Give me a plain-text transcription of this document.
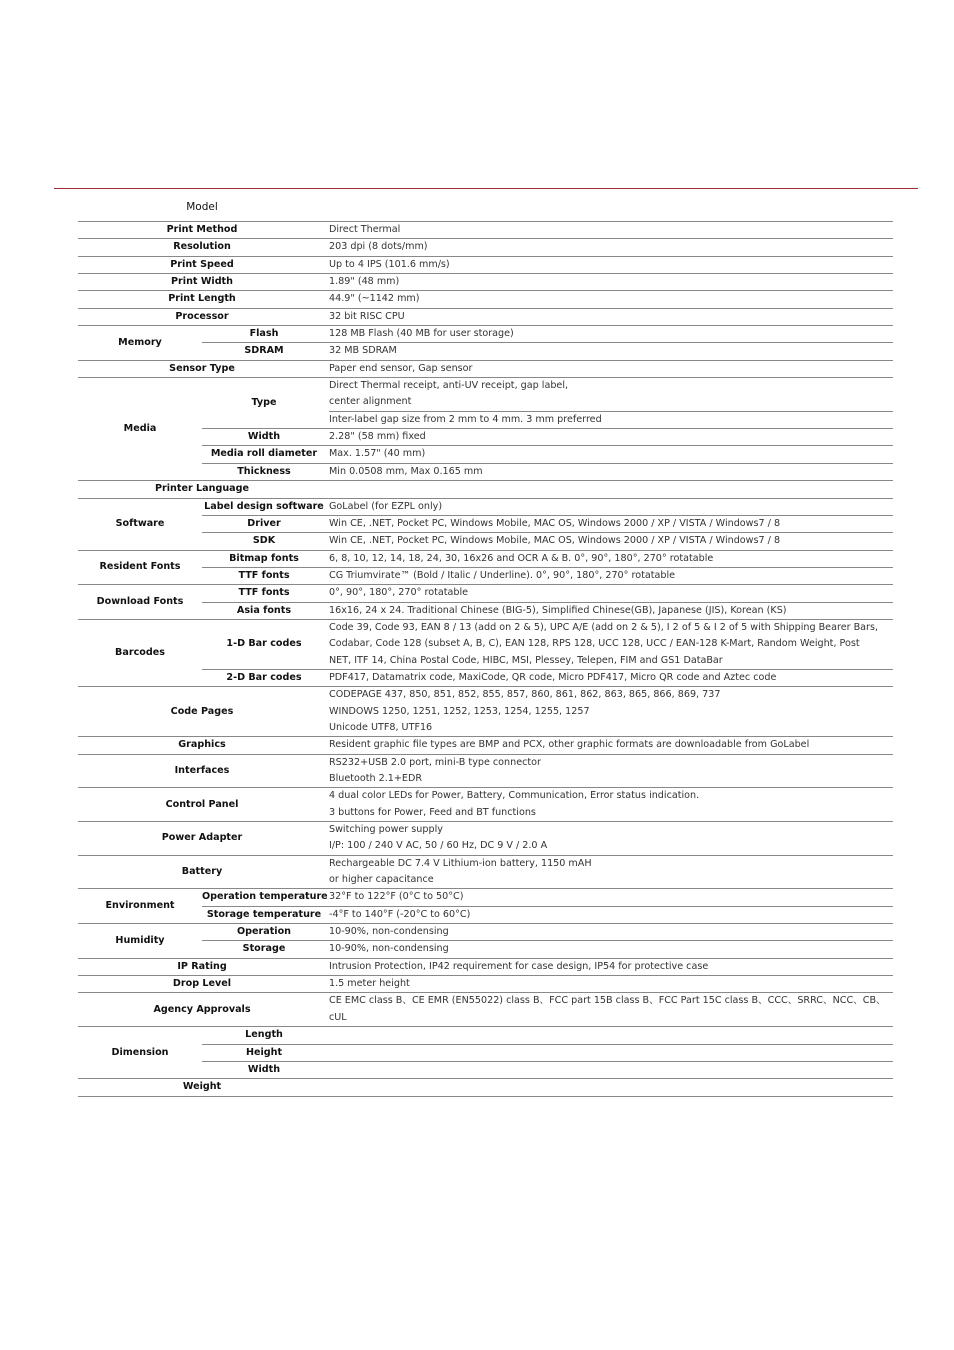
Model		

Print Method		Direct Thermal

Resolution		203 dpi (8 dots/mm)

Print Speed		Up to 4 IPS (101.6 mm/s)

Print Width		1.89" (48 mm)

Print Length		44.9" (~1142 mm)

Processor		32 bit RISC CPU

Memory	Flash	128 MB Flash (40 MB for user storage)

	SDRAM	32 MB SDRAM

Sensor Type		Paper end sensor, Gap sensor

Media	Type	Direct Thermal receipt, anti-UV receipt, gap label,
center alignment
Inter-label gap size from 2 mm to 4 mm. 3 mm preferred

	Width	2.28" (58 mm) fixed

	Media roll diameter	Max. 1.57" (40 mm)

	Thickness	Min 0.0508 mm, Max 0.165 mm

Printer Language		

Software	Label design software	GoLabel (for EZPL only)

	Driver	Win CE, .NET, Pocket PC, Windows Mobile, MAC OS, Windows 2000 / XP / VISTA / Windows7 / 8

	SDK	Win CE, .NET, Pocket PC, Windows Mobile, MAC OS, Windows 2000 / XP / VISTA / Windows7 / 8

Resident Fonts	Bitmap fonts	6, 8, 10, 12, 14, 18, 24, 30, 16x26 and OCR A & B. 0°, 90°, 180°, 270° rotatable

	TTF fonts	CG Triumvirate™ (Bold / Italic / Underline). 0°, 90°, 180°, 270° rotatable

Download Fonts	TTF fonts	0°, 90°, 180°, 270° rotatable

	Asia fonts	16x16, 24 x 24. Traditional Chinese (BIG-5), Simplified Chinese(GB), Japanese (JIS), Korean (KS)

Barcodes	1-D Bar codes	Code 39, Code 93, EAN 8 / 13 (add on 2 & 5), UPC A/E (add on 2 & 5), I 2 of 5 & I 2 of 5 with Shipping Bearer Bars,
Codabar, Code 128 (subset A, B, C), EAN 128, RPS 128, UCC 128, UCC / EAN-128 K-Mart, Random Weight, Post
NET, ITF 14, China Postal Code, HIBC, MSI, Plessey, Telepen, FIM and GS1 DataBar

	2-D Bar codes	PDF417, Datamatrix code, MaxiCode, QR code, Micro PDF417, Micro QR code and Aztec code

Code Pages		CODEPAGE 437, 850, 851, 852, 855, 857, 860, 861, 862, 863, 865, 866, 869, 737
WINDOWS 1250, 1251, 1252, 1253, 1254, 1255, 1257
Unicode UTF8, UTF16

Graphics		Resident graphic file types are BMP and PCX, other graphic formats are downloadable from GoLabel

Interfaces		RS232+USB 2.0 port, mini-B type connector
Bluetooth 2.1+EDR

Control Panel		4 dual color LEDs for Power, Battery, Communication, Error status indication.
3 buttons for Power, Feed and BT functions

Power Adapter		Switching power supply
I/P: 100 / 240 V AC, 50 / 60 Hz, DC 9 V / 2.0 A

Battery		Rechargeable DC 7.4 V Lithium-ion battery, 1150 mAH
or higher capacitance

Environment	Operation temperature	32°F to 122°F (0°C to 50°C)

	Storage temperature	-4°F to 140°F (-20°C to 60°C)

Humidity	Operation	10-90%, non-condensing

	Storage	10-90%, non-condensing

IP Rating		Intrusion Protection, IP42 requirement for case design, IP54 for protective case

Drop Level		1.5 meter height

Agency Approvals		CE EMC class B、CE EMR (EN55022) class B、FCC part 15B class B、FCC Part 15C class B、CCC、SRRC、NCC、CB、
cUL

Dimension	Length	

	Height	

	Width	

Weight		
